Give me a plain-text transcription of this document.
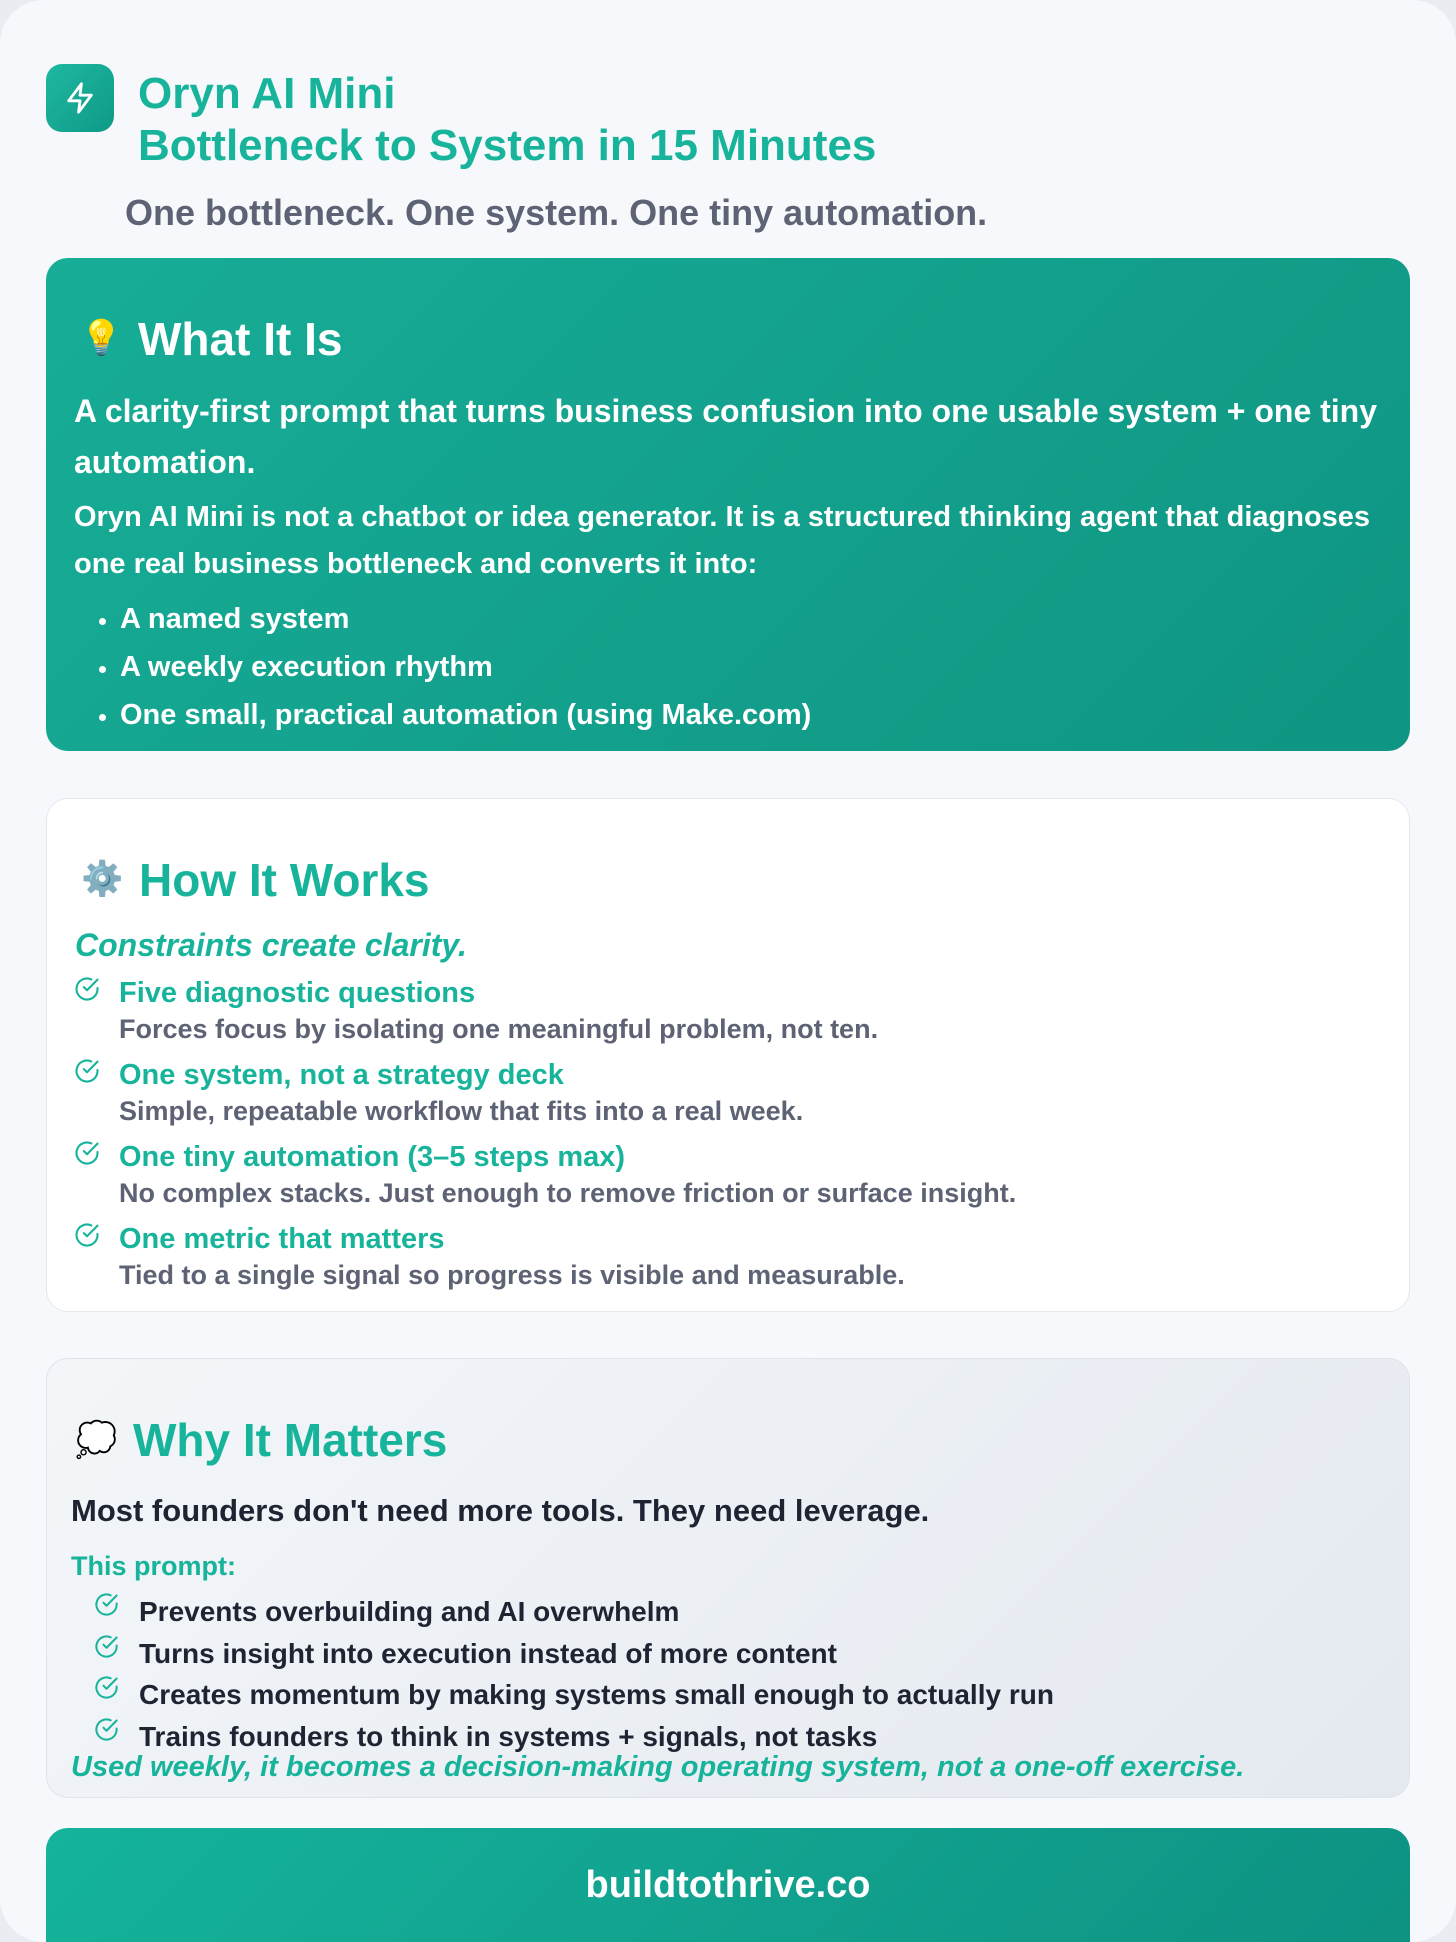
Oryn AI Mini
Bottleneck to System in 15 Minutes

One bottleneck. One system. One tiny automation.

💡 What It Is

A clarity-first prompt that turns business confusion into one usable system + one tiny automation.

Oryn AI Mini is not a chatbot or idea generator. It is a structured thinking agent that diagnoses one real business bottleneck and converts it into:

A named system
A weekly execution rhythm
One small, practical automation (using Make.com)
⚙️ How It Works

Constraints create clarity.

Five diagnostic questions
Forces focus by isolating one meaningful problem, not ten.
One system, not a strategy deck
Simple, repeatable workflow that fits into a real week.
One tiny automation (3–5 steps max)
No complex stacks. Just enough to remove friction or surface insight.
One metric that matters
Tied to a single signal so progress is visible and measurable.
💭 Why It Matters

Most founders don't need more tools. They need leverage.

This prompt:

Prevents overbuilding and AI overwhelm
Turns insight into execution instead of more content
Creates momentum by making systems small enough to actually run
Trains founders to think in systems + signals, not tasks

Used weekly, it becomes a decision-making operating system, not a one-off exercise.

buildtothrive.co
